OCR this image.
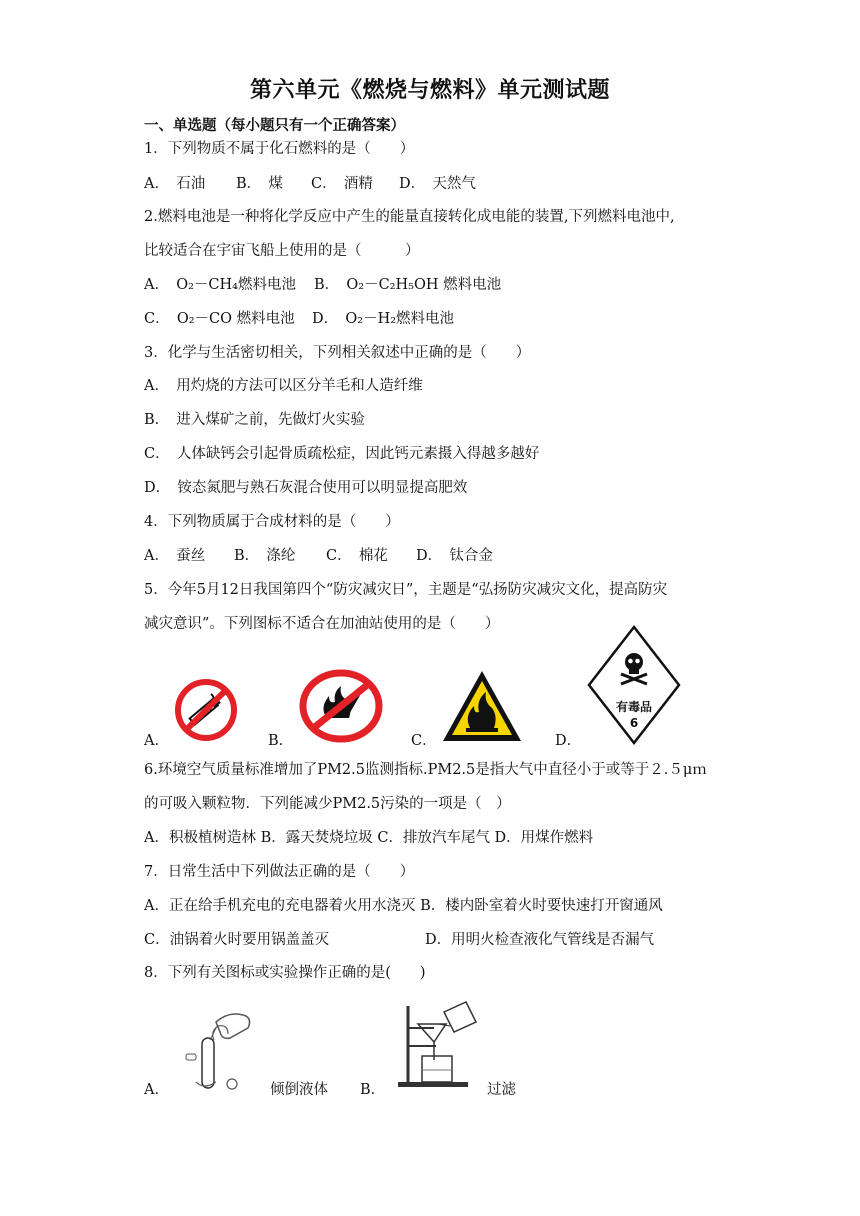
第六单元《燃烧与燃料》单元测试题
一、单选题（每小题只有一个正确答案）
1．下列物质不属于化石燃料的是（　　）
A．　石油 B．　煤 C．　酒精 D．　天然气
2.燃料电池是一种将化学反应中产生的能量直接转化成电能的装置,下列燃料电池中,
比较适合在宇宙飞船上使用的是（　　　）
A．　O₂－CH₄燃料电池 B．　O₂－C₂H₅OH 燃料电池
C．　O₂－CO 燃料电池 D．　O₂－H₂燃料电池
3．化学与生活密切相关，下列相关叙述中正确的是（　　）
A．　用灼烧的方法可以区分羊毛和人造纤维
B．　进入煤矿之前，先做灯火实验
C．　人体缺钙会引起骨质疏松症，因此钙元素摄入得越多越好
D．　铵态氮肥与熟石灰混合使用可以明显提高肥效
4．下列物质属于合成材料的是（　　）
A．　蚕丝 B．　涤纶 C．　棉花 D．　钛合金
5．今年5月12日我国第四个“防灾减灾日”，主题是“弘扬防灾减灾文化，提高防灾
减灾意识”。下列图标不适合在加油站使用的是（　　）
A．	B．	C．	D．
有毒品
6
6.环境空气质量标准增加了PM2.5监测指标.PM2.5是指大气中直径小于或等于２.５μｍ
的可吸入颗粒物．下列能减少PM2.5污染的一项是（　）
A．积极植树造林 B．露天焚烧垃圾 C．排放汽车尾气 D．用煤作燃料
7．日常生活中下列做法正确的是（　　）
A．正在给手机充电的充电器着火用水浇灭 B．楼内卧室着火时要快速打开窗通风
C．油锅着火时要用锅盖盖灭	D．用明火检查液化气管线是否漏气
8．下列有关图标或实验操作正确的是(　　)
A．	倾倒液体 B．	过滤
